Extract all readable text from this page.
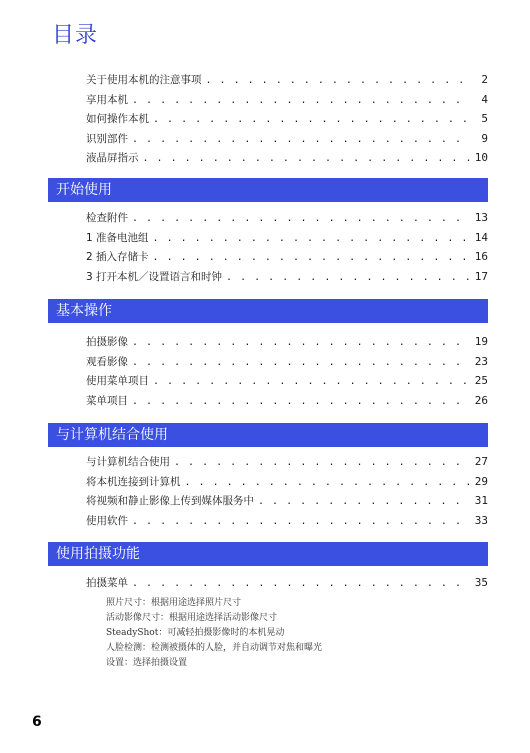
目录
关于使用本机的注意事项 . . .	2
享用本机 . . .	4
如何操作本机 . . .	5
识别部件 . . .	9
液晶屏指示 . . .	10
开始使用
检查附件 . . .	13
1 准备电池组 . . .	14
2 插入存储卡 . . .	16
3 打开本机／设置语言和时钟 . . .	17
基本操作
拍摄影像 . . .	19
观看影像 . . .	23
使用菜单项目 . . .	25
菜单项目 . . .	26
与计算机结合使用
与计算机结合使用 . . .	27
将本机连接到计算机 . . .	29
将视频和静止影像上传到媒体服务中 . . .	31
使用软件 . . .	33
使用拍摄功能
拍摄菜单 . . .	35
照片尺寸：根据用途选择照片尺寸
活动影像尺寸：根据用途选择活动影像尺寸
SteadyShot：可减轻拍摄影像时的本机晃动
人脸检测：检测被摄体的人脸，并自动调节对焦和曝光
设置：选择拍摄设置
6
